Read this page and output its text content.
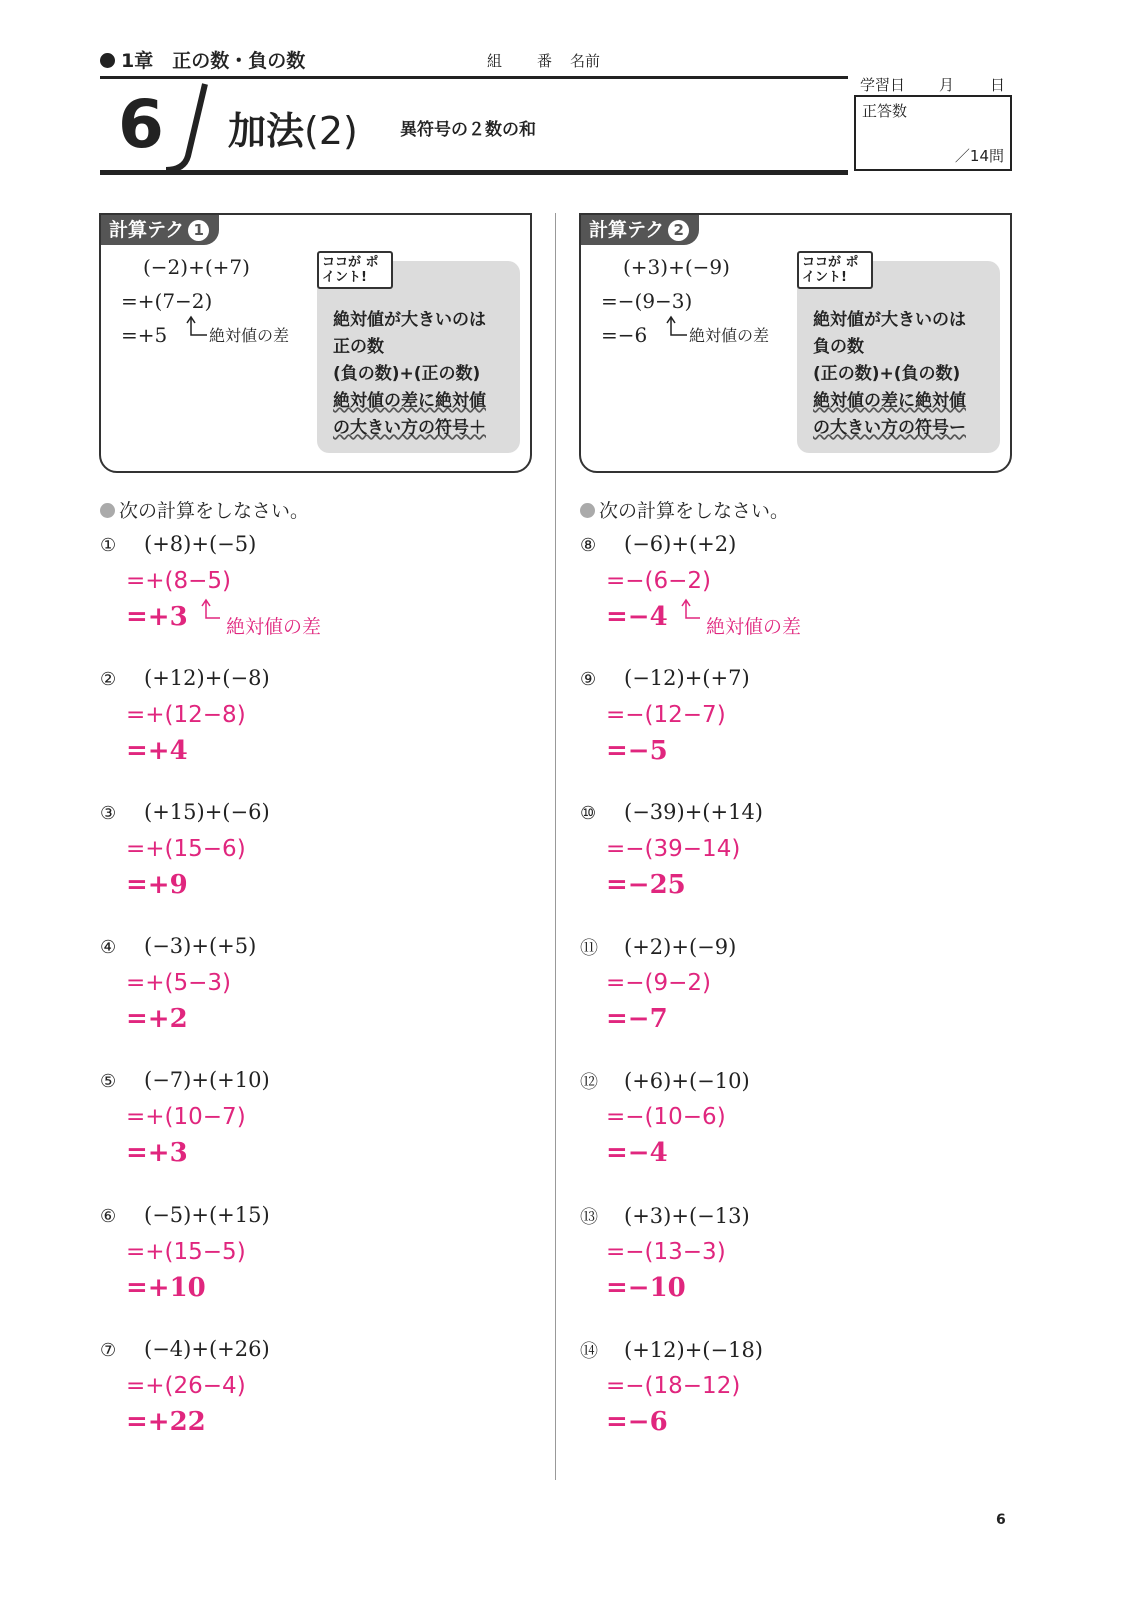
1章　正の数・負の数	組 番 名前
6 加法(2) 異符号の２数の和
学習日 月 日
正答数
／14問
計算テク 1
(−2)+(+7)
=+(7−2)
=+5	絶対値の差
ココが ポイント!
絶対値が大きいのは
正の数
(負の数)+(正の数)
絶対値の差に絶対値
の大きい方の符号＋
計算テク 2
(+3)+(−9)
=−(9−3)
=−6	絶対値の差
ココが ポイント!
絶対値が大きいのは
負の数
(正の数)+(負の数)
絶対値の差に絶対値
の大きい方の符号ー
次の計算をしなさい。	次の計算をしなさい。
① (+8)+(−5)
=+(8−5)
=+3 絶対値の差
② (+12)+(−8)
=+(12−8)
=+4
③ (+15)+(−6)
=+(15−6)
=+9
④ (−3)+(+5)
=+(5−3)
=+2
⑤ (−7)+(+10)
=+(10−7)
=+3
⑥ (−5)+(+15)
=+(15−5)
=+10
⑦ (−4)+(+26)
=+(26−4)
=+22
⑧ (−6)+(+2)
=−(6−2)
=−4 絶対値の差
⑨ (−12)+(+7)
=−(12−7)
=−5
⑩ (−39)+(+14)
=−(39−14)
=−25
⑪ (+2)+(−9)
=−(9−2)
=−7
⑫ (+6)+(−10)
=−(10−6)
=−4
⑬ (+3)+(−13)
=−(13−3)
=−10
⑭ (+12)+(−18)
=−(18−12)
=−6
6
